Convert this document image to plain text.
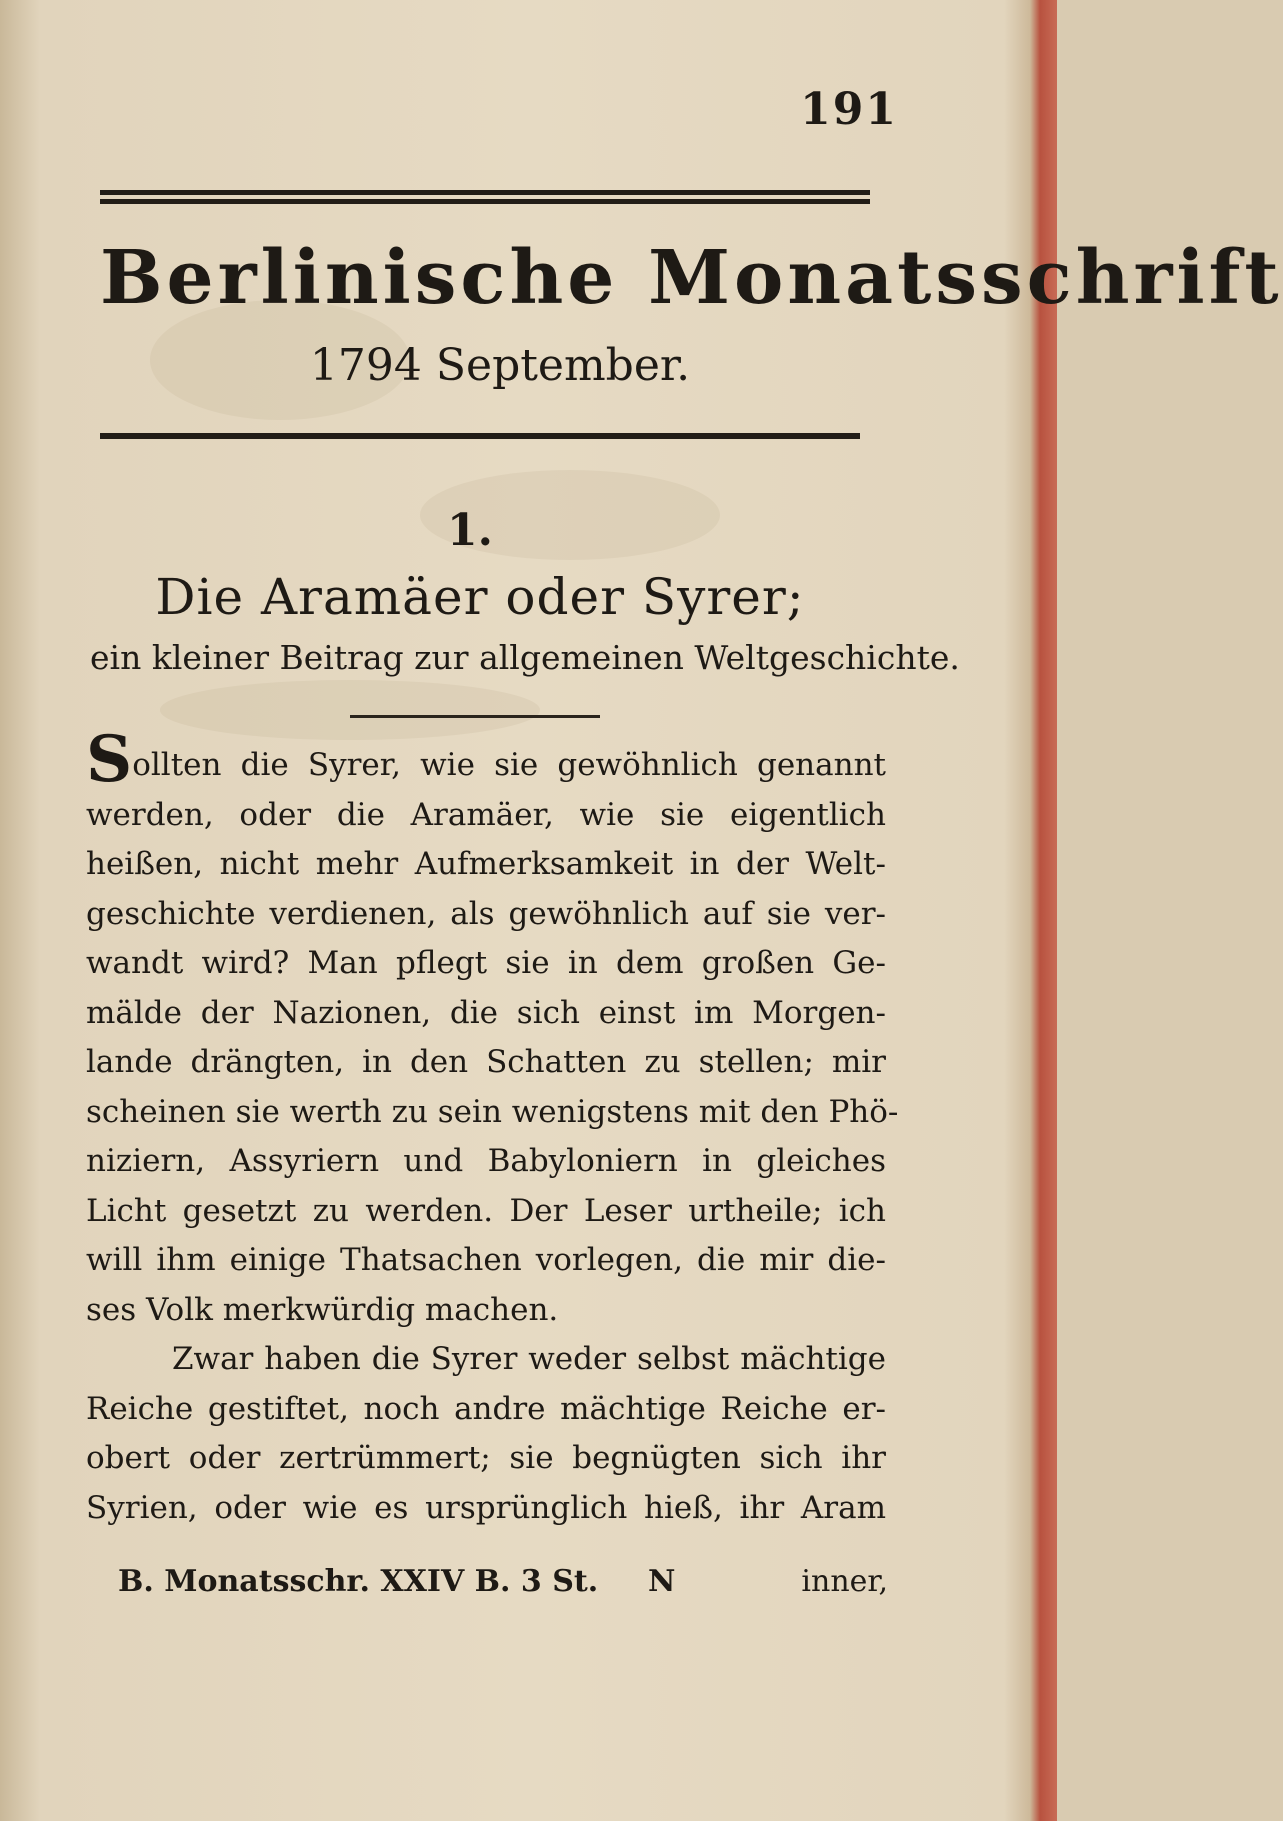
191
Berlinische Monatsschrift
1794 September.
1.
Die Aramäer oder Syrer;
ein kleiner Beitrag zur allgemeinen Weltgeschichte.
Sollten die Syrer, wie sie gewöhnlich genannt
werden, oder die Aramäer, wie sie eigentlich
heißen, nicht mehr Aufmerksamkeit in der Welt-
geschichte verdienen, als gewöhnlich auf sie ver-
wandt wird? Man pflegt sie in dem großen Ge-
mälde der Nazionen, die sich einst im Morgen-
lande drängten, in den Schatten zu stellen; mir
scheinen sie werth zu sein wenigstens mit den Phö-
niziern, Assyriern und Babyloniern in gleiches
Licht gesetzt zu werden. Der Leser urtheile; ich
will ihm einige Thatsachen vorlegen, die mir die-
ses Volk merkwürdig machen.
Zwar haben die Syrer weder selbst mächtige
Reiche gestiftet, noch andre mächtige Reiche er-
obert oder zertrümmert; sie begnügten sich ihr
Syrien, oder wie es ursprünglich hieß, ihr Aram
B. Monatsschr. XXIV B. 3 St. N	inner,
